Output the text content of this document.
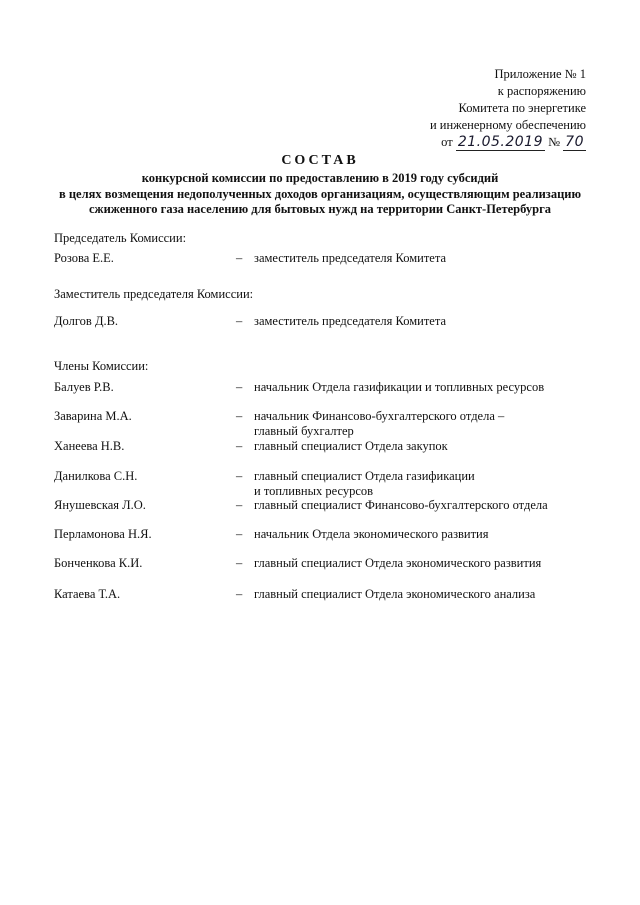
Приложение № 1
к распоряжению
Комитета по энергетике
и инженерному обеспечению
от 21.05.2019 № 70
СОСТАВ
конкурсной комиссии по предоставлению в 2019 году субсидий
в целях возмещения недополученных доходов организациям, осуществляющим реализацию
сжиженного газа населению для бытовых нужд на территории Санкт-Петербурга
Председатель Комиссии:
Розова Е.Е.	– заместитель председателя Комитета
Заместитель председателя Комиссии:
Долгов Д.В.	– заместитель председателя Комитета
Члены Комиссии:
Балуев Р.В.	– начальник Отдела газификации и топливных ресурсов
Заварина М.А.	– начальник Финансово-бухгалтерского отдела –
главный бухгалтер
Ханеева Н.В.	– главный специалист Отдела закупок
Данилкова С.Н.	– главный специалист Отдела газификации
и топливных ресурсов
Янушевская Л.О.	– главный специалист Финансово-бухгалтерского отдела
Перламонова Н.Я.	– начальник Отдела экономического развития
Бонченкова К.И.	– главный специалист Отдела экономического развития
Катаева Т.А.	– главный специалист Отдела экономического анализа
